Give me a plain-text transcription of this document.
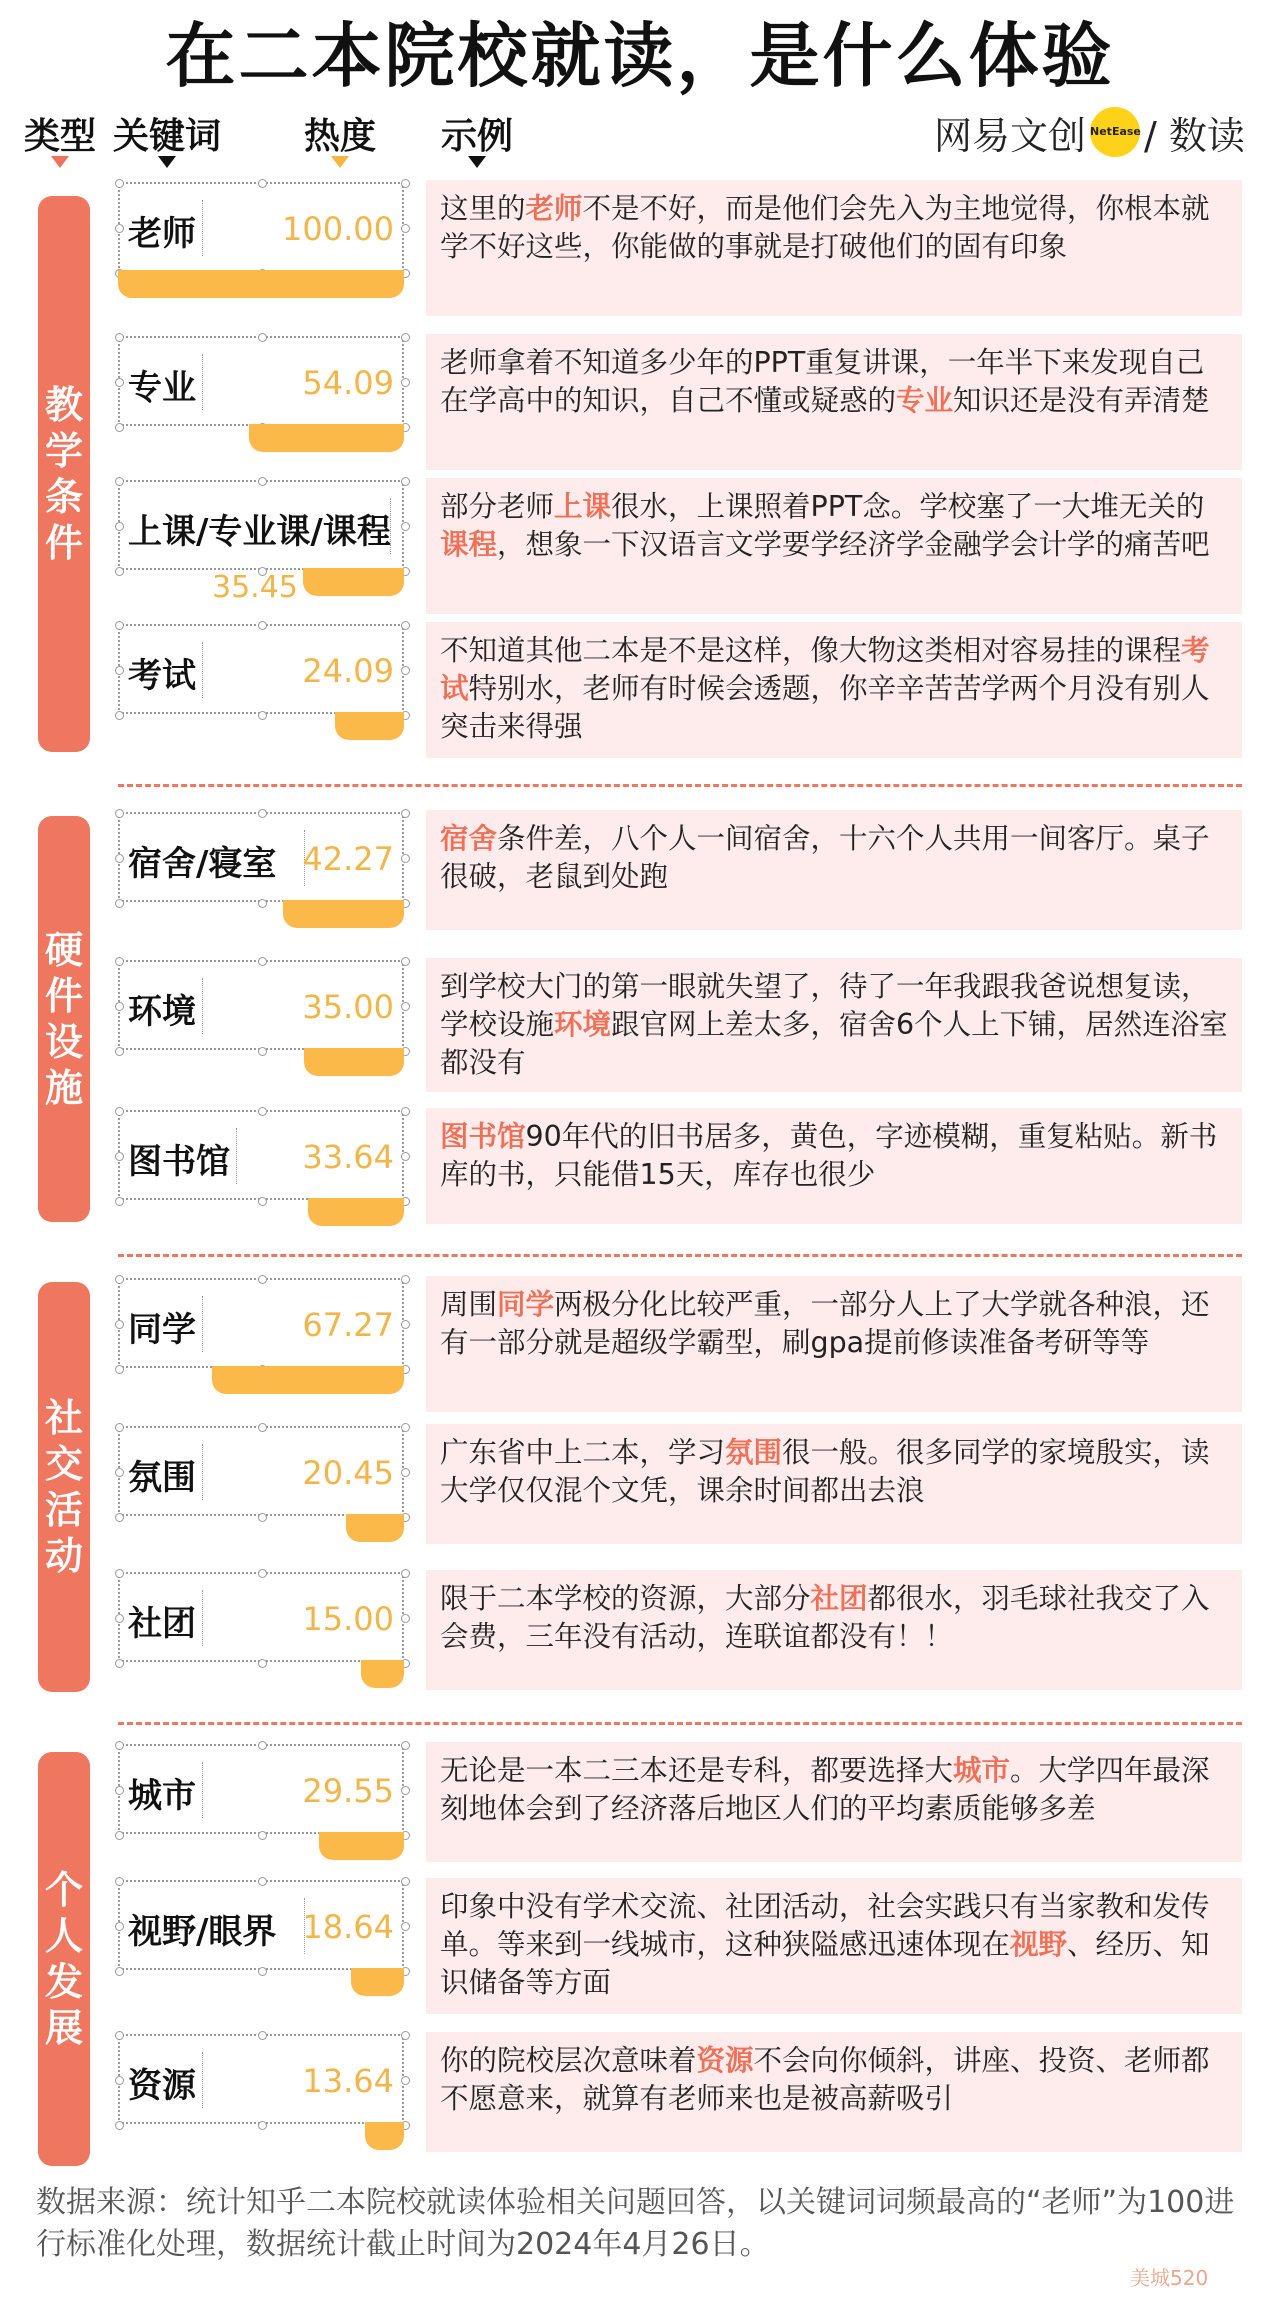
在二本院校就读，是什么体验
类型 关键词 热度 示例	网易文创 NetEase / 数读
教
学
条
件
老师	100.00
这里的老师不是不好，而是他们会先入为主地觉得，你根本就学不好这些，你能做的事就是打破他们的固有印象
专业	54.09
老师拿着不知道多少年的PPT重复讲课，一年半下来发现自己在学高中的知识，自己不懂或疑惑的专业知识还是没有弄清楚
上课/专业课/课程
35.45
部分老师上课很水，上课照着PPT念。学校塞了一大堆无关的课程，想象一下汉语言文学要学经济学金融学会计学的痛苦吧
考试	24.09
不知道其他二本是不是这样，像大物这类相对容易挂的课程考试特别水，老师有时候会透题，你辛辛苦苦学两个月没有别人突击来得强
硬
件
设
施
宿舍/寝室 42.27
宿舍条件差，八个人一间宿舍，十六个人共用一间客厅。桌子很破，老鼠到处跑
环境	35.00
到学校大门的第一眼就失望了，待了一年我跟我爸说想复读，学校设施环境跟官网上差太多，宿舍6个人上下铺，居然连浴室都没有
图书馆 33.64
图书馆90年代的旧书居多，黄色，字迹模糊，重复粘贴。新书库的书，只能借15天，库存也很少
社
交
活
动
同学	67.27
周围同学两极分化比较严重，一部分人上了大学就各种浪，还有一部分就是超级学霸型，刷gpa提前修读准备考研等等
氛围	20.45
广东省中上二本，学习氛围很一般。很多同学的家境殷实，读大学仅仅混个文凭，课余时间都出去浪
社团	15.00
限于二本学校的资源，大部分社团都很水，羽毛球社我交了入会费，三年没有活动，连联谊都没有！！
个
人
发
展
城市	29.55
无论是一本二三本还是专科，都要选择大城市。大学四年最深刻地体会到了经济落后地区人们的平均素质能够多差
视野/眼界 18.64
印象中没有学术交流、社团活动，社会实践只有当家教和发传单。等来到一线城市，这种狭隘感迅速体现在视野、经历、知识储备等方面
资源	13.64
你的院校层次意味着资源不会向你倾斜，讲座、投资、老师都不愿意来，就算有老师来也是被高薪吸引
数据来源：统计知乎二本院校就读体验相关问题回答，以关键词词频最高的“老师”为100进行标准化处理，数据统计截止时间为2024年4月26日。
美城520
